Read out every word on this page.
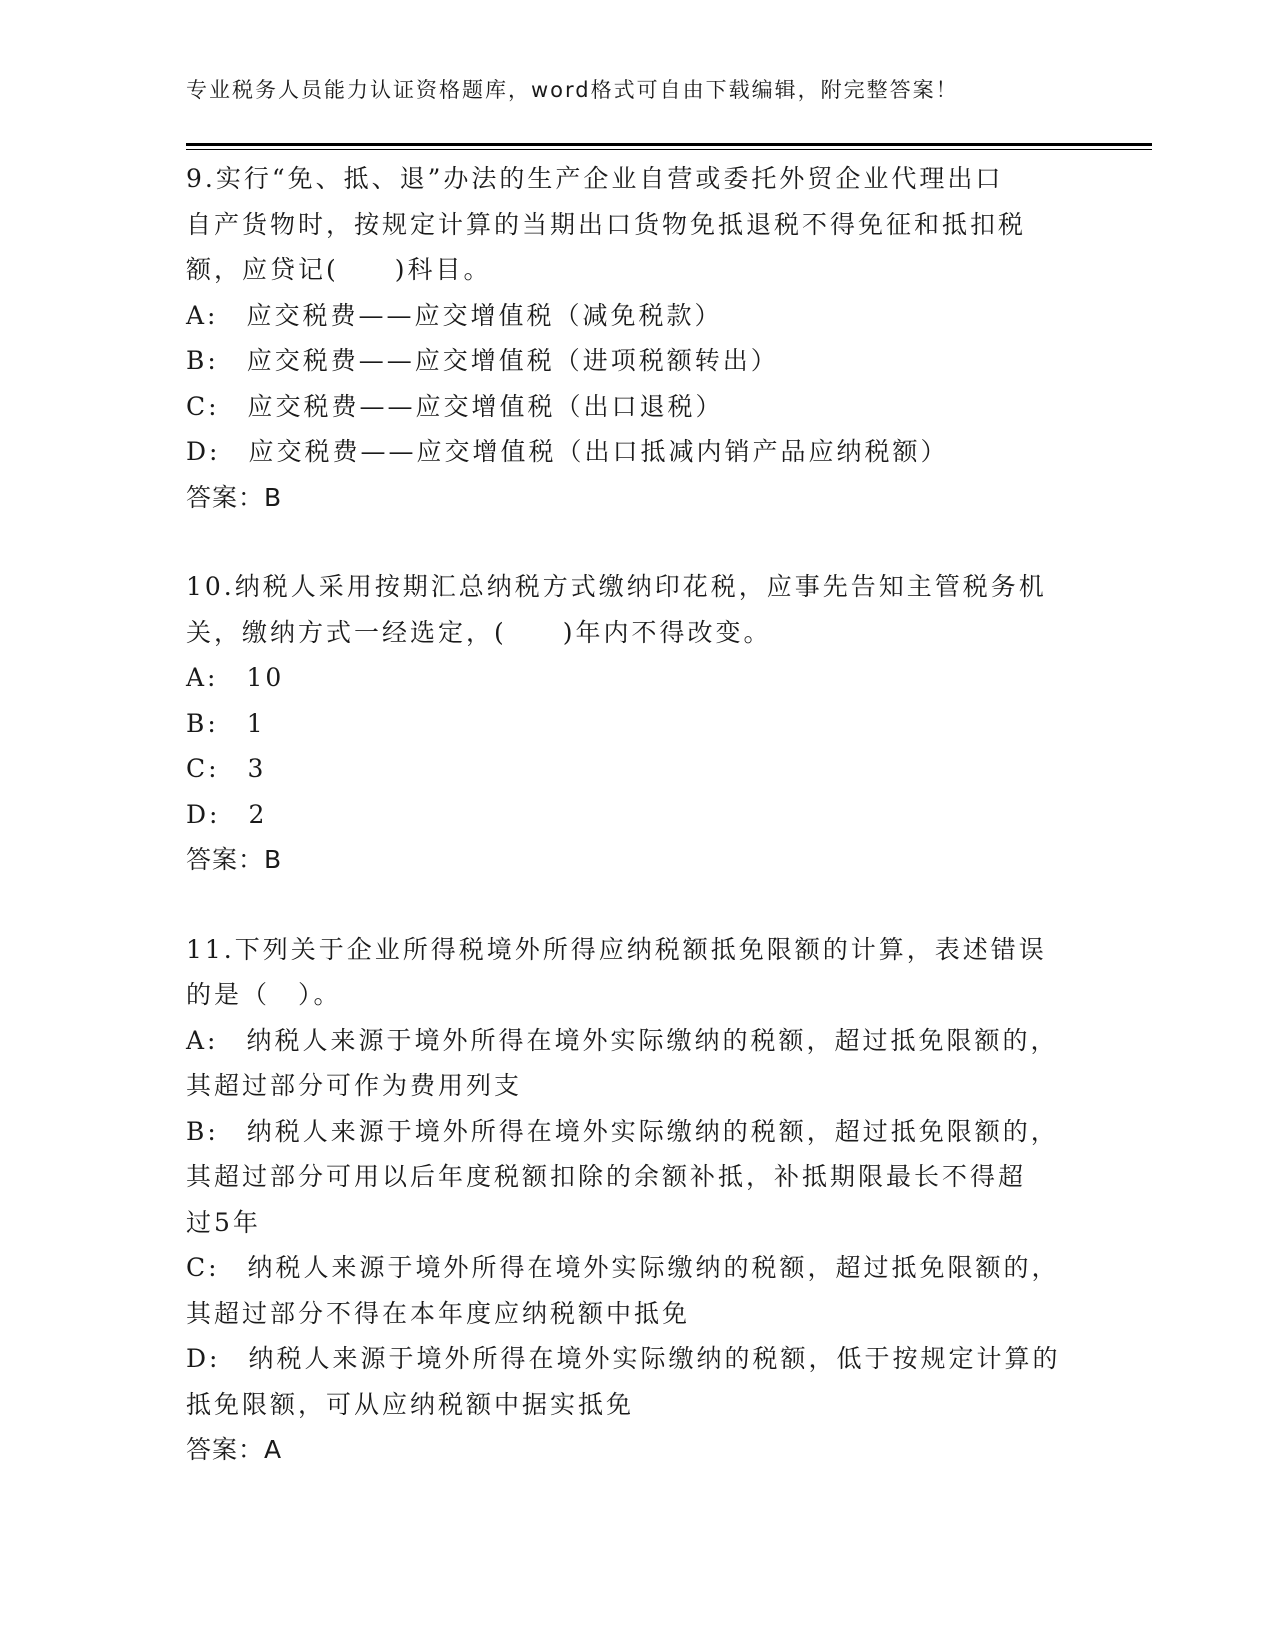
专业税务人员能力认证资格题库，word格式可自由下载编辑，附完整答案！
9.实行“免、抵、退”办法的生产企业自营或委托外贸企业代理出口
自产货物时，按规定计算的当期出口货物免抵退税不得免征和抵扣税
额，应贷记(　　)科目。
A:　应交税费——应交增值税（减免税款）
B:　应交税费——应交增值税（进项税额转出）
C:　应交税费——应交增值税（出口退税）
D:　应交税费——应交增值税（出口抵减内销产品应纳税额）
答案：B
10.纳税人采用按期汇总纳税方式缴纳印花税，应事先告知主管税务机
关，缴纳方式一经选定，(　　)年内不得改变。
A:　10
B:　1
C:　3
D:　2
答案：B
11.下列关于企业所得税境外所得应纳税额抵免限额的计算，表述错误
的是（　）。
A:　纳税人来源于境外所得在境外实际缴纳的税额，超过抵免限额的，
其超过部分可作为费用列支
B:　纳税人来源于境外所得在境外实际缴纳的税额，超过抵免限额的，
其超过部分可用以后年度税额扣除的余额补抵，补抵期限最长不得超
过5年
C:　纳税人来源于境外所得在境外实际缴纳的税额，超过抵免限额的，
其超过部分不得在本年度应纳税额中抵免
D:　纳税人来源于境外所得在境外实际缴纳的税额，低于按规定计算的
抵免限额，可从应纳税额中据实抵免
答案：A
